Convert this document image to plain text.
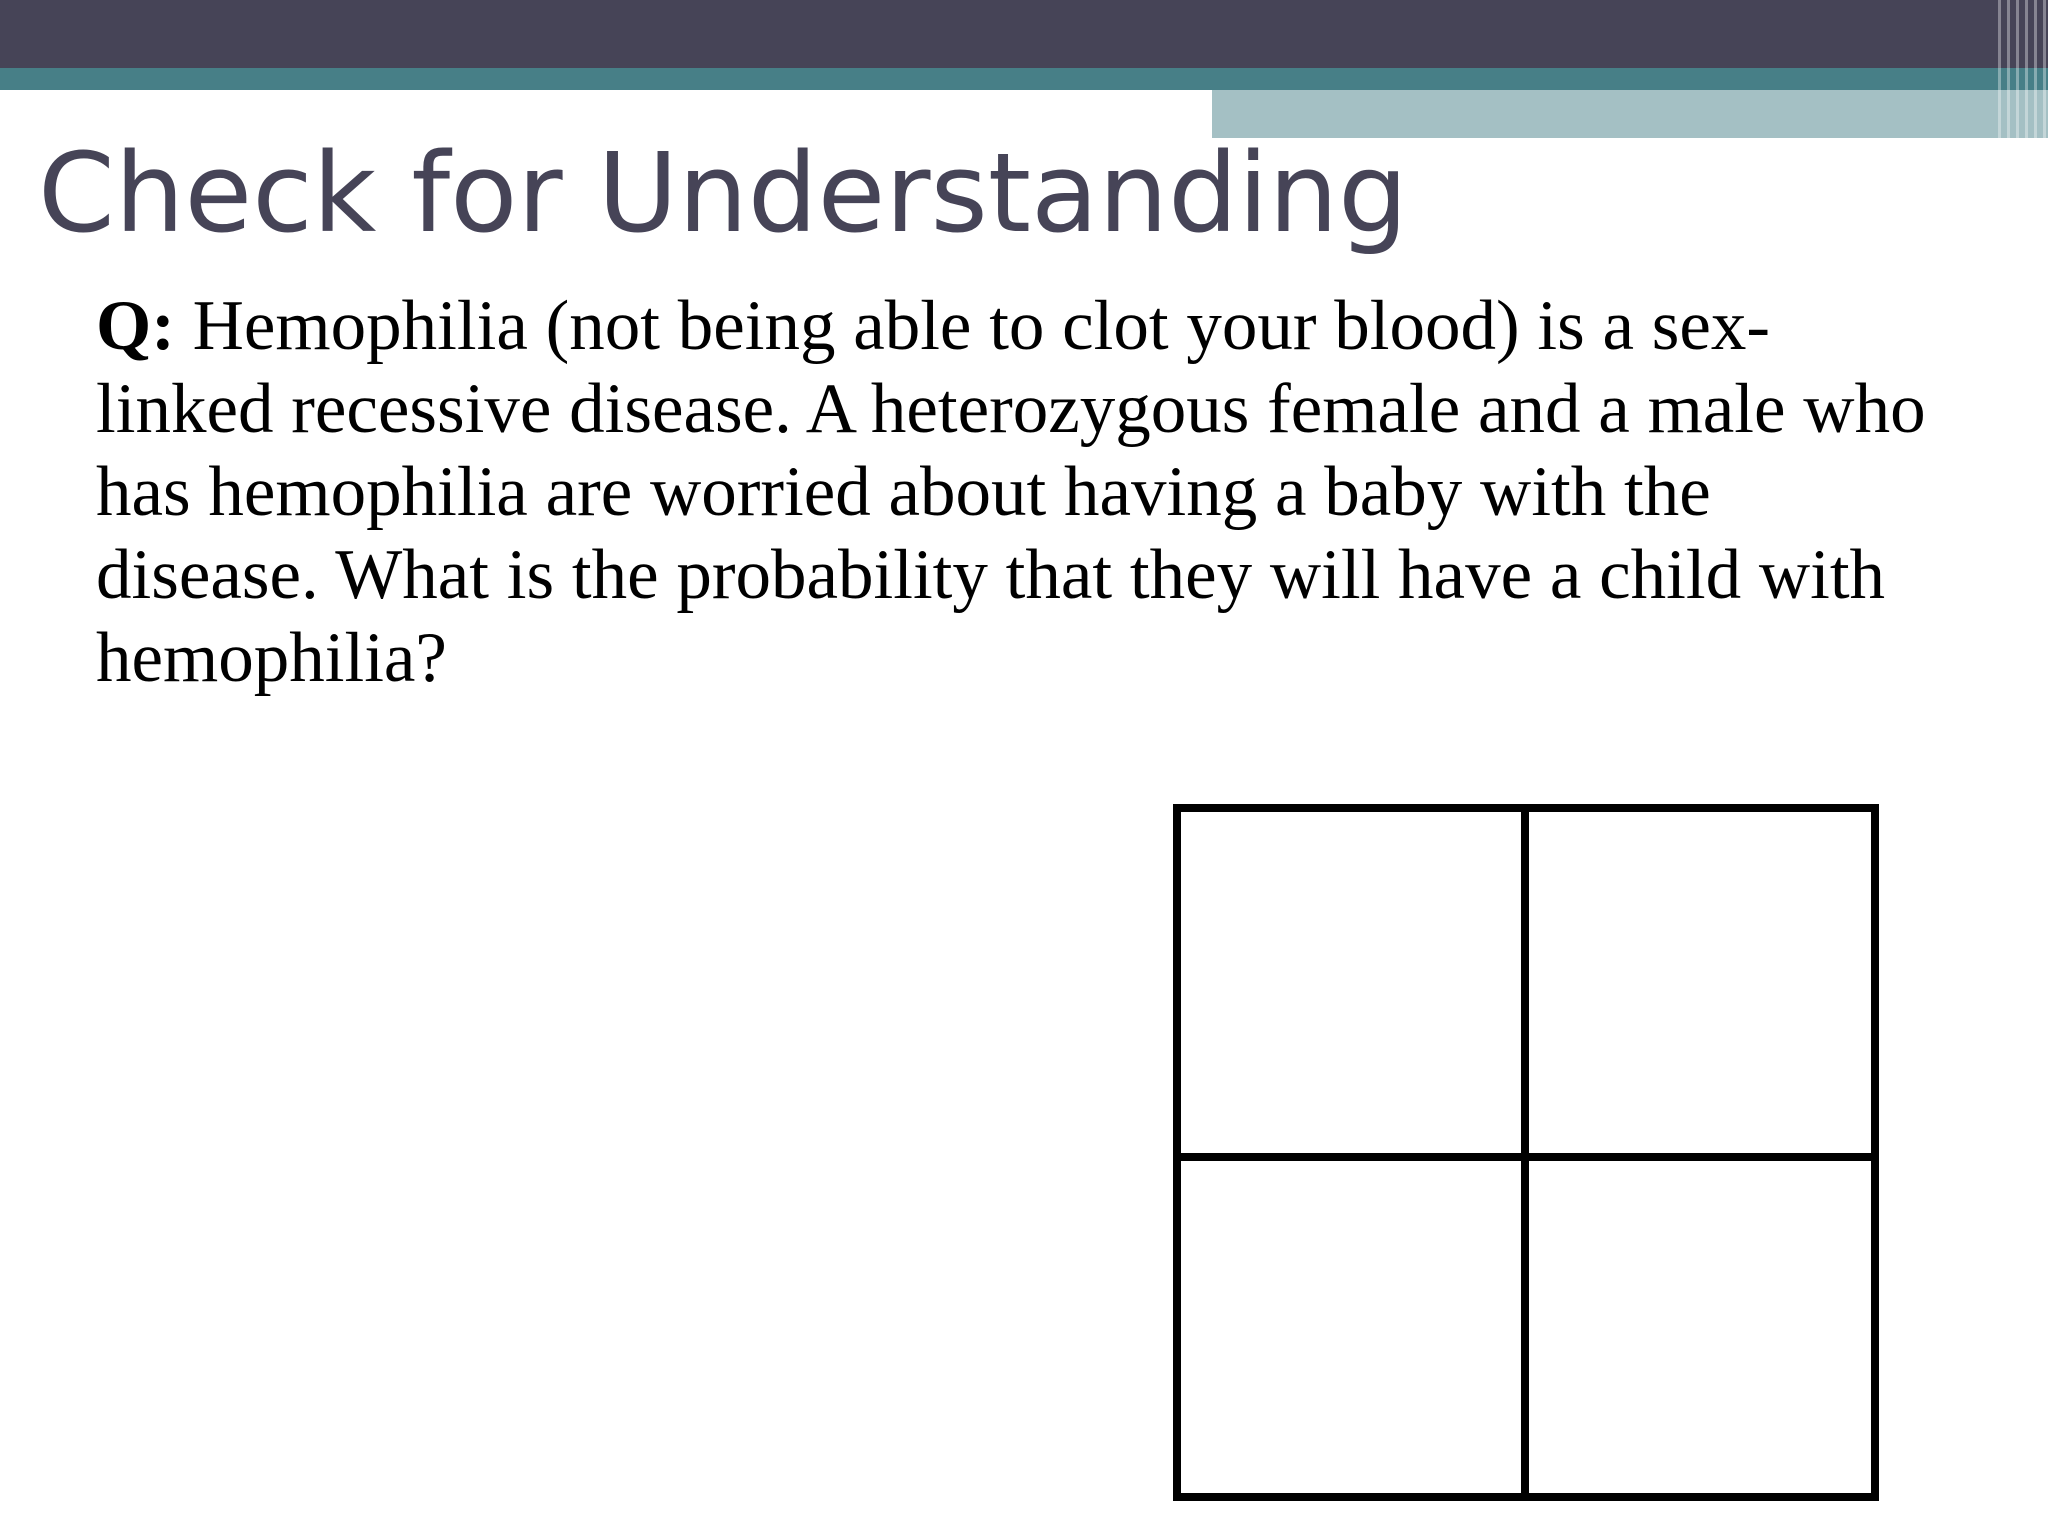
Check for Understanding

Q: Hemophilia (not being able to clot your blood) is a sex-linked recessive disease. A heterozygous female and a male who has hemophilia are worried about having a baby with the disease. What is the probability that they will have a child with hemophilia?
